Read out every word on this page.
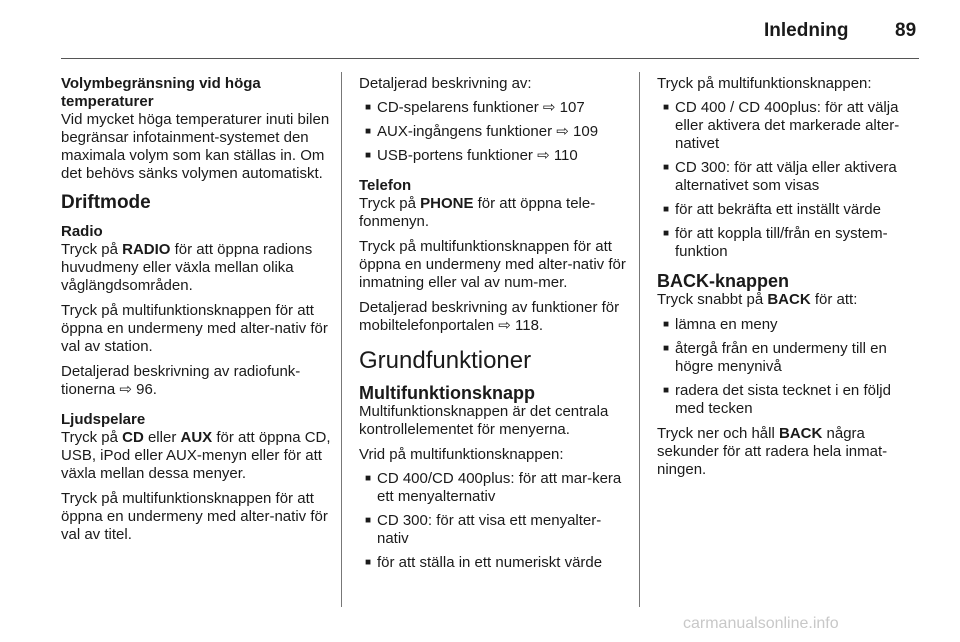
Inledning 89
Volymbegränsning vid höga temperaturer

Vid mycket höga temperaturer inuti bilen begränsar infotainment-systemet den maximala volym som kan ställas in. Om det behövs sänks volymen automatiskt.

Driftmode
Radio

Tryck på RADIO för att öppna radions huvudmeny eller växla mellan olika våglängdsområden.

Tryck på multifunktionsknappen för att öppna en undermeny med alter-nativ för val av station.

Detaljerad beskrivning av radiofunk-tionerna ⇨ 96.

Ljudspelare

Tryck på CD eller AUX för att öppna CD, USB, iPod eller AUX-menyn eller för att växla mellan dessa menyer.

Tryck på multifunktionsknappen för att öppna en undermeny med alter-nativ för val av titel.

Detaljerad beskrivning av:

■ CD-spelarens funktioner ⇨ 107
■ AUX-ingångens funktioner ⇨ 109
■ USB-portens funktioner ⇨ 110
Telefon

Tryck på PHONE för att öppna tele-fonmenyn.

Tryck på multifunktionsknappen för att öppna en undermeny med alter-nativ för inmatning eller val av num-mer.

Detaljerad beskrivning av funktioner för mobiltelefonportalen ⇨ 118.

Grundfunktioner
Multifunktionsknapp

Multifunktionsknappen är det centrala kontrollelementet för menyerna.

Vrid på multifunktionsknappen:

■ CD 400/CD 400plus: för att mar-kera ett menyalternativ
■ CD 300: för att visa ett menyalter-nativ
■ för att ställa in ett numeriskt värde

Tryck på multifunktionsknappen:

■ CD 400 / CD 400plus: för att välja eller aktivera det markerade alter-nativet
■ CD 300: för att välja eller aktivera alternativet som visas
■ för att bekräfta ett inställt värde
■ för att koppla till/från en system-funktion
BACK-knappen

Tryck snabbt på BACK för att:

■ lämna en meny
■ återgå från en undermeny till en högre menynivå
■ radera det sista tecknet i en följd med tecken

Tryck ner och håll BACK några sekunder för att radera hela inmat-ningen.

carmanualsonline.info
